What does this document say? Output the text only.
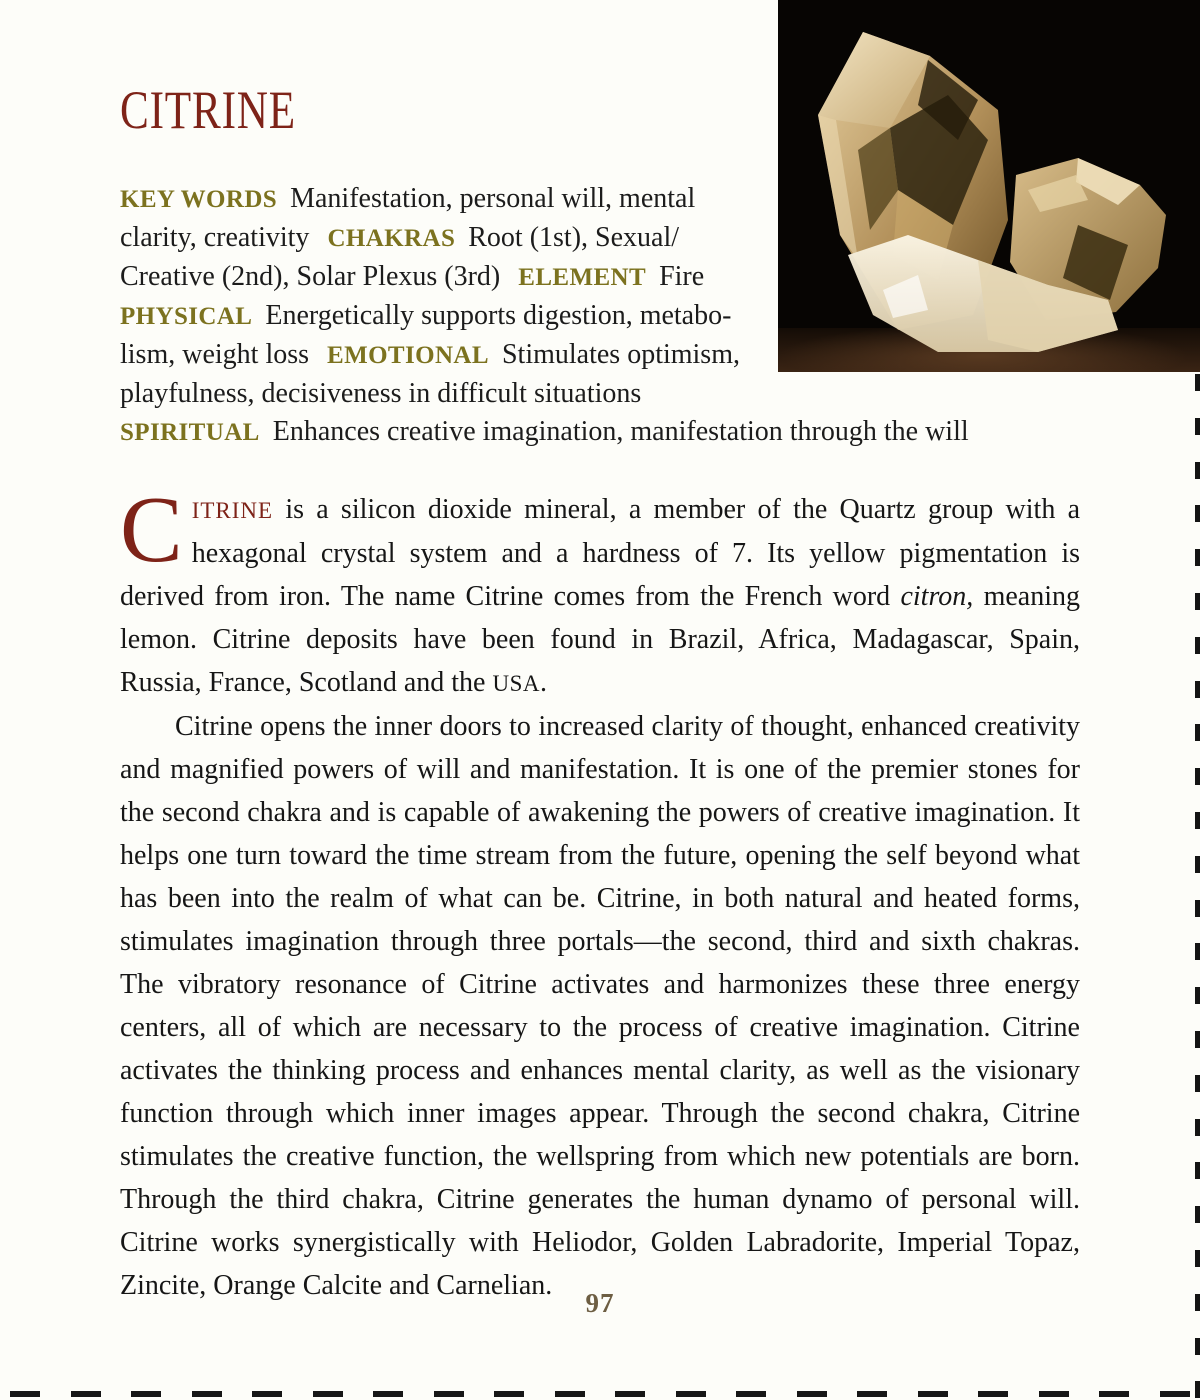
CITRINE
KEY WORDS Manifestation, personal will, mental
clarity, creativity CHAKRAS Root (1st), Sexual/
Creative (2nd), Solar Plexus (3rd) ELEMENT Fire
PHYSICAL Energetically supports digestion, metabo-
lism, weight loss EMOTIONAL Stimulates optimism,
playfulness, decisiveness in difficult situations
SPIRITUAL Enhances creative imagination, manifestation through the will

CITRINE is a silicon dioxide mineral, a member of the Quartz group with a hexagonal crystal system and a hardness of 7. Its yellow pigmentation is derived from iron. The name Citrine comes from the French word citron, meaning lemon. Citrine deposits have been found in Brazil, Africa, Madagascar, Spain, Russia, France, Scotland and the USA.

Citrine opens the inner doors to increased clarity of thought, enhanced creativity and magnified powers of will and manifestation. It is one of the premier stones for the second chakra and is capable of awakening the powers of creative imagination. It helps one turn toward the time stream from the future, opening the self beyond what has been into the realm of what can be. Citrine, in both natural and heated forms, stimulates imagination through three portals—the second, third and sixth chakras. The vibratory resonance of Citrine activates and harmonizes these three energy centers, all of which are necessary to the process of creative imagination. Citrine activates the thinking process and enhances mental clarity, as well as the visionary function through which inner images appear. Through the second chakra, Citrine stimulates the creative function, the wellspring from which new potentials are born. Through the third chakra, Citrine generates the human dynamo of personal will. Citrine works synergistically with Heliodor, Golden Labradorite, Imperial Topaz, Zincite, Orange Calcite and Carnelian.

97
